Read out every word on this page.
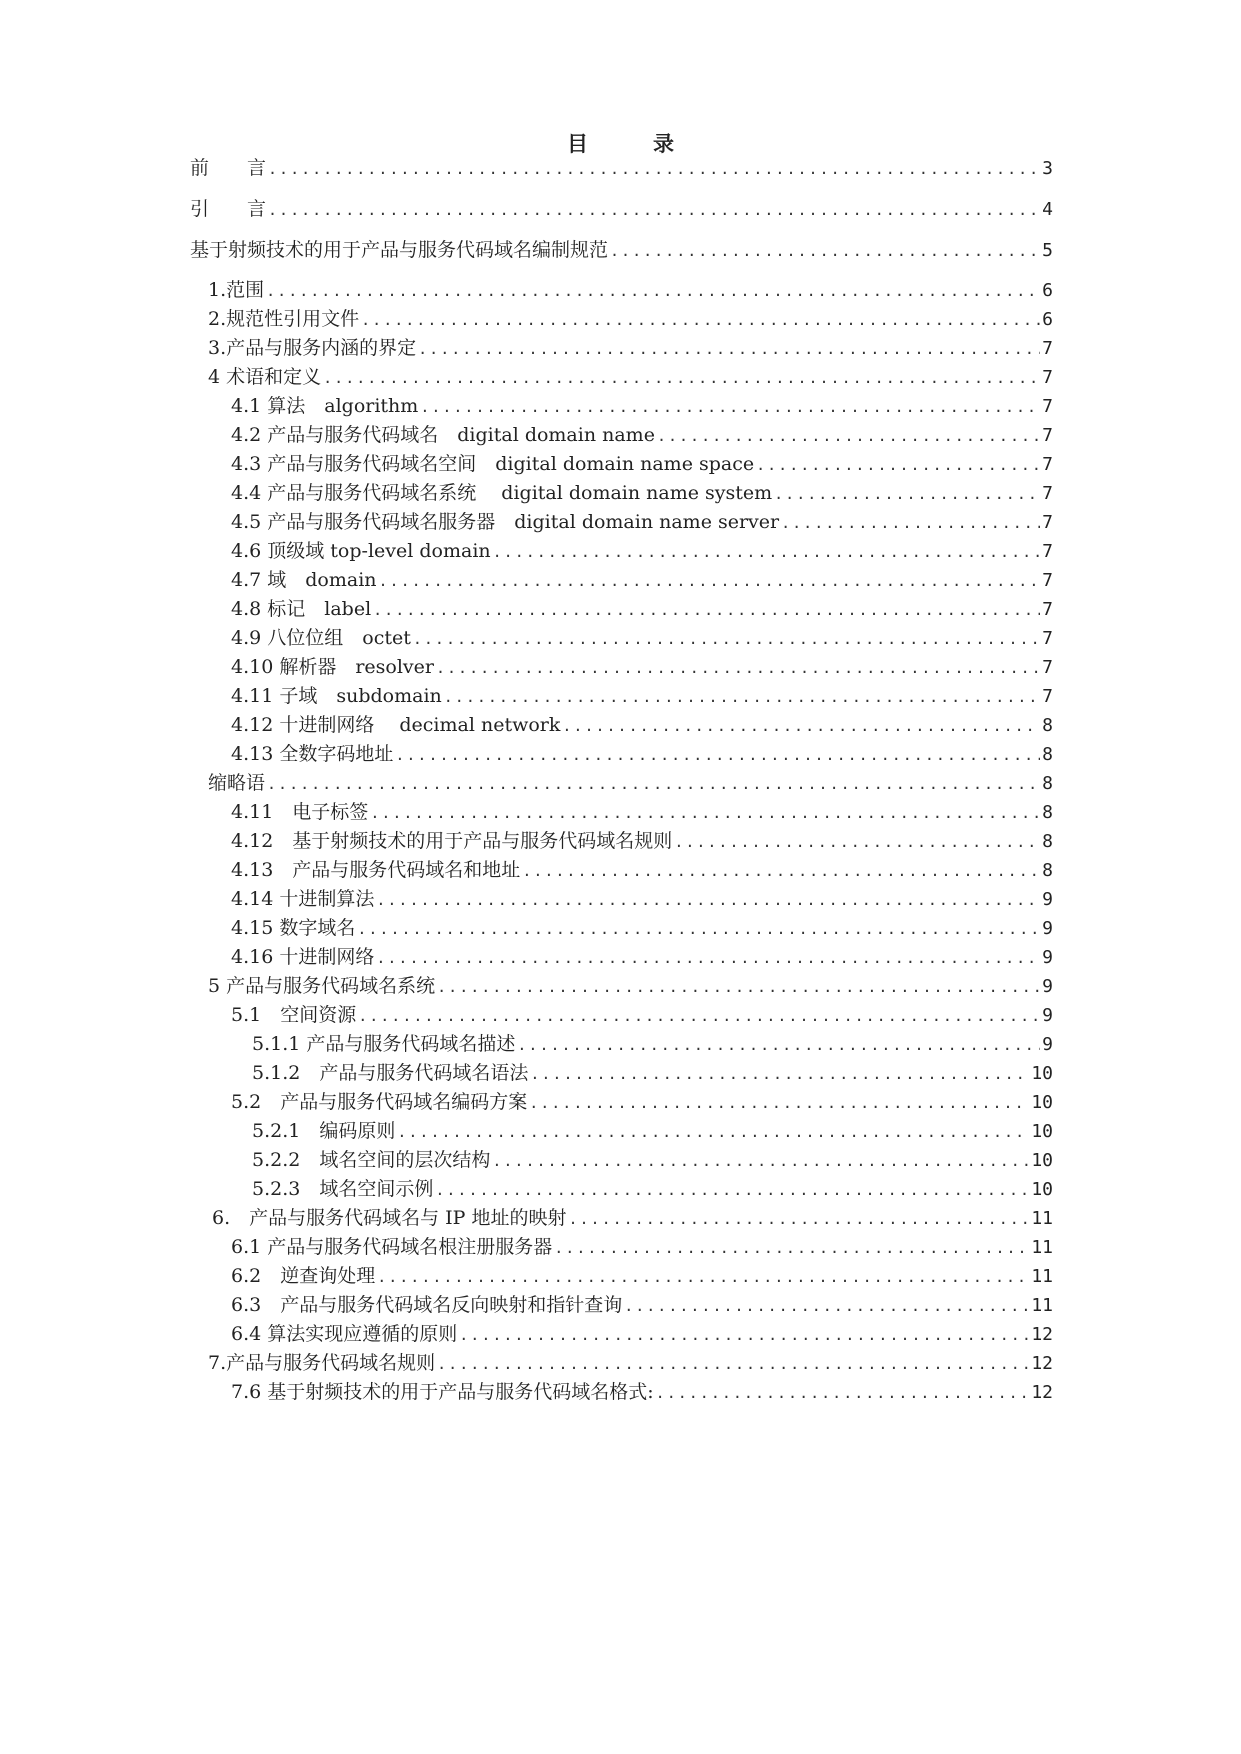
目　录
前　　言 .....	3
引　　言 .....	4
基于射频技术的用于产品与服务代码域名编制规范 .....	5
1.范围 .....	6
2.规范性引用文件 .....	6
3.产品与服务内涵的界定 .....	7
4 术语和定义 .....	7
4.1 算法　algorithm .....	7
4.2 产品与服务代码域名　digital domain name .....	7
4.3 产品与服务代码域名空间　digital domain name space .....	7
4.4 产品与服务代码域名系统　 digital domain name system .....	7
4.5 产品与服务代码域名服务器　digital domain name server .....	7
4.6 顶级域 top-level domain .....	7
4.7 域　domain .....	7
4.8 标记　label .....	7
4.9 八位位组　octet .....	7
4.10 解析器　resolver .....	7
4.11 子域　subdomain .....	7
4.12 十进制网络　 decimal network .....	8
4.13 全数字码地址 .....	8
缩略语 .....	8
4.11　电子标签 .....	8
4.12　基于射频技术的用于产品与服务代码域名规则 .....	8
4.13　产品与服务代码域名和地址 .....	8
4.14 十进制算法 .....	9
4.15 数字域名 .....	9
4.16 十进制网络 .....	9
5 产品与服务代码域名系统 .....	9
5.1　空间资源 .....	9
5.1.1 产品与服务代码域名描述 .....	9
5.1.2　产品与服务代码域名语法 .....	10
5.2　产品与服务代码域名编码方案 .....	10
5.2.1　编码原则 .....	10
5.2.2　域名空间的层次结构 .....	10
5.2.3　域名空间示例 .....	10
6.　产品与服务代码域名与 IP 地址的映射 .....	11
6.1 产品与服务代码域名根注册服务器 .....	11
6.2　逆查询处理 .....	11
6.3　产品与服务代码域名反向映射和指针查询 .....	11
6.4 算法实现应遵循的原则 .....	12
7.产品与服务代码域名规则 .....	12
7.6 基于射频技术的用于产品与服务代码域名格式: .....	12
